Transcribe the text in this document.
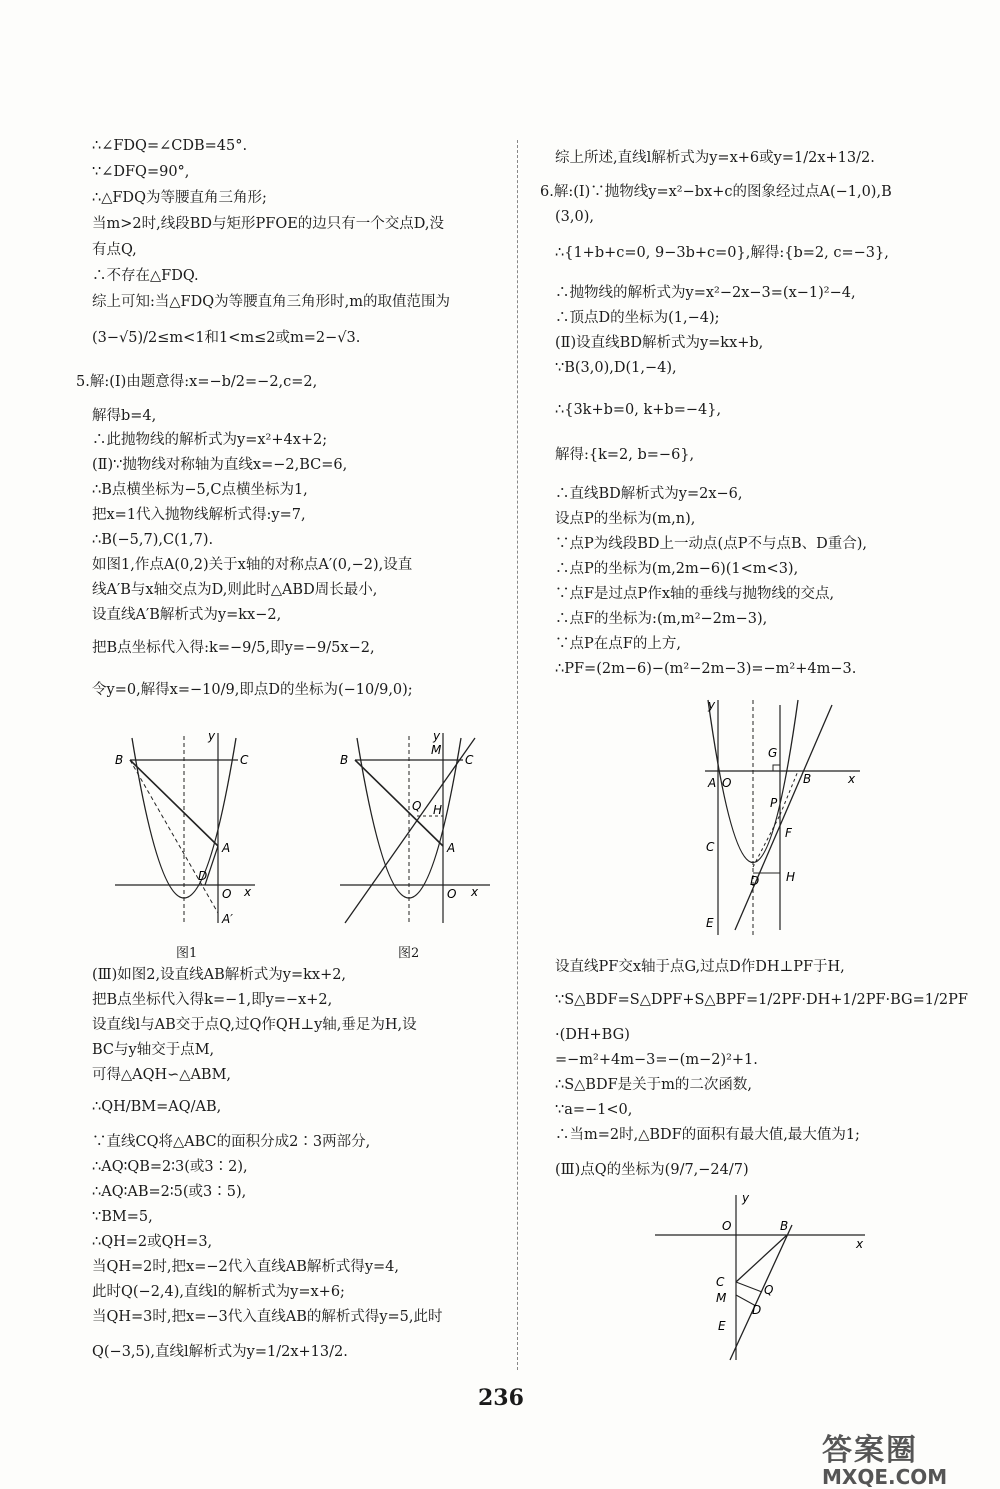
∴∠FDQ=∠CDB=45°.
∵∠DFQ=90°,
∴△FDQ为等腰直角三角形;
当m>2时,线段BD与矩形PFOE的边只有一个交点D,没
有点Q,
∴不存在△FDQ.
综上可知:当△FDQ为等腰直角三角形时,m的取值范围为
(3−√5)/2≤m<1和1<m≤2或m=2−√3.
5.解:(Ⅰ)由题意得:x=−b/2=−2,c=2,
解得b=4,
∴此抛物线的解析式为y=x²+4x+2;
(Ⅱ)∵抛物线对称轴为直线x=−2,BC=6,
∴B点横坐标为−5,C点横坐标为1,
把x=1代入抛物线解析式得:y=7,
∴B(−5,7),C(1,7).
如图1,作点A(0,2)关于x轴的对称点A′(0,−2),设直
线A′B与x轴交点为D,则此时△ABD周长最小,
设直线A′B解析式为y=kx−2,
把B点坐标代入得:k=−9/5,即y=−9/5x−2,
令y=0,解得x=−10/9,即点D的坐标为(−10/9,0);
B	C
A
D
O
A′
x
y
图1
B	C
M
Q H
A
O x
y
图2
(Ⅲ)如图2,设直线AB解析式为y=kx+2,
把B点坐标代入得k=−1,即y=−x+2,
设直线l与AB交于点Q,过Q作QH⊥y轴,垂足为H,设
BC与y轴交于点M,
可得△AQH∽△ABM,
∴QH/BM=AQ/AB,
∵直线CQ将△ABC的面积分成2∶3两部分,
∴AQ∶QB=2∶3(或3∶2),
∴AQ∶AB=2∶5(或3∶5),
∵BM=5,
∴QH=2或QH=3,
当QH=2时,把x=−2代入直线AB解析式得y=4,
此时Q(−2,4),直线l的解析式为y=x+6;
当QH=3时,把x=−3代入直线AB的解析式得y=5,此时
Q(−3,5),直线l解析式为y=1/2x+13/2.
综上所述,直线l解析式为y=x+6或y=1/2x+13/2.
6.解:(Ⅰ)∵抛物线y=x²−bx+c的图象经过点A(−1,0),B
(3,0),
∴{1+b+c=0, 9−3b+c=0},解得:{b=2, c=−3},
∴抛物线的解析式为y=x²−2x−3=(x−1)²−4,
∴顶点D的坐标为(1,−4);
(Ⅱ)设直线BD解析式为y=kx+b,
∵B(3,0),D(1,−4),
∴{3k+b=0, k+b=−4},
解得:{k=2, b=−6},
∴直线BD解析式为y=2x−6,
设点P的坐标为(m,n),
∵点P为线段BD上一动点(点P不与点B、D重合),
∴点P的坐标为(m,2m−6)(1<m<3),
∵点F是过点P作x轴的垂线与抛物线的交点,
∴点F的坐标为:(m,m²−2m−3),
∵点P在点F的上方,
∴PF=(2m−6)−(m²−2m−3)=−m²+4m−3.
A O
G
B
P
F
C
D H
E
x
y
设直线PF交x轴于点G,过点D作DH⊥PF于H,
∵S△BDF=S△DPF+S△BPF=1/2PF·DH+1/2PF·BG=1/2PF
·(DH+BG)
=−m²+4m−3=−(m−2)²+1.
∴S△BDF是关于m的二次函数,
∵a=−1<0,
∴当m=2时,△BDF的面积有最大值,最大值为1;
(Ⅲ)点Q的坐标为(9/7,−24/7)
O	B
C
M
Q
D
E
x
y
236
答案圈
MXQE.COM
